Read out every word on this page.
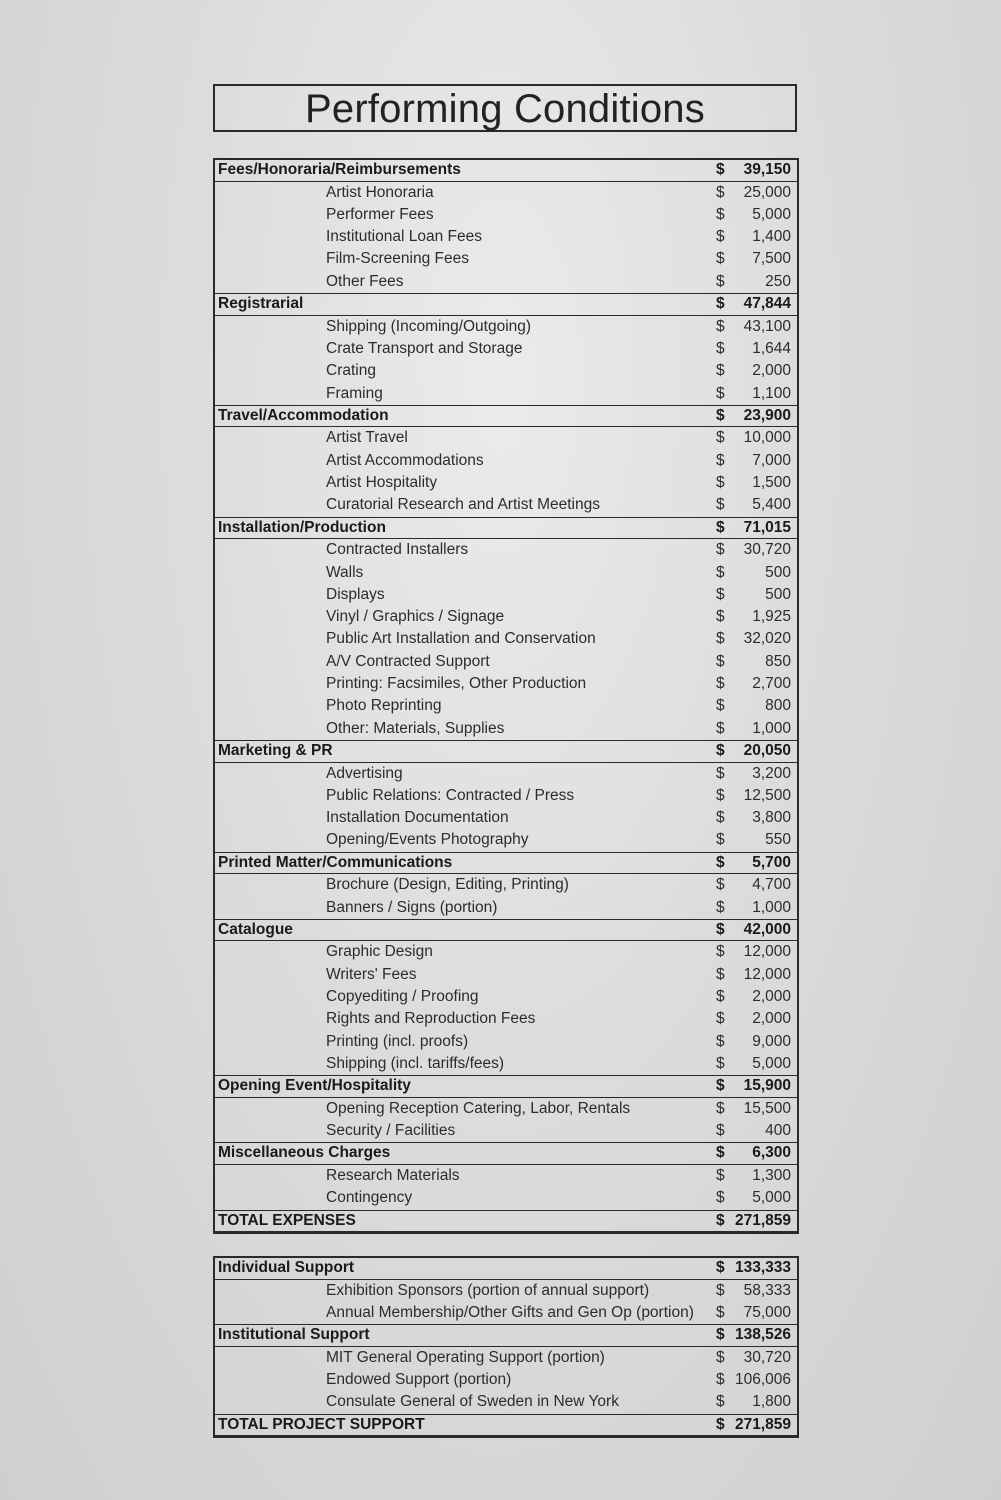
Performing Conditions
Fees/Honoraria/Reimbursements	$ 39,150
Artist Honoraria	$ 25,000
Performer Fees	$ 5,000
Institutional Loan Fees	$ 1,400
Film-Screening Fees	$ 7,500
Other Fees	$	250
Registrarial	$ 47,844
Shipping (Incoming/Outgoing)	$ 43,100
Crate Transport and Storage	$ 1,644
Crating	$ 2,000
Framing	$ 1,100
Travel/Accommodation	$ 23,900
Artist Travel	$ 10,000
Artist Accommodations	$ 7,000
Artist Hospitality	$ 1,500
Curatorial Research and Artist Meetings	$ 5,400
Installation/Production	$ 71,015
Contracted Installers	$ 30,720
Walls	$	500
Displays	$	500
Vinyl / Graphics / Signage	$ 1,925
Public Art Installation and Conservation	$ 32,020
A/V Contracted Support	$	850
Printing: Facsimiles, Other Production	$ 2,700
Photo Reprinting	$	800
Other: Materials, Supplies	$ 1,000
Marketing & PR	$ 20,050
Advertising	$ 3,200
Public Relations: Contracted / Press	$ 12,500
Installation Documentation	$ 3,800
Opening/Events Photography	$	550
Printed Matter/Communications	$ 5,700
Brochure (Design, Editing, Printing)	$ 4,700
Banners / Signs (portion)	$ 1,000
Catalogue	$ 42,000
Graphic Design	$ 12,000
Writers' Fees	$ 12,000
Copyediting / Proofing	$ 2,000
Rights and Reproduction Fees	$ 2,000
Printing (incl. proofs)	$ 9,000
Shipping (incl. tariffs/fees)	$ 5,000
Opening Event/Hospitality	$ 15,900
Opening Reception Catering, Labor, Rentals	$ 15,500
Security / Facilities	$	400
Miscellaneous Charges	$ 6,300
Research Materials	$ 1,300
Contingency	$ 5,000
TOTAL EXPENSES	$ 271,859
Individual Support	$ 133,333
Exhibition Sponsors (portion of annual support)	$ 58,333
Annual Membership/Other Gifts and Gen Op (portion) $ 75,000
Institutional Support	$ 138,526
MIT General Operating Support (portion)	$ 30,720
Endowed Support (portion)	$ 106,006
Consulate General of Sweden in New York	$ 1,800
TOTAL PROJECT SUPPORT	$ 271,859
